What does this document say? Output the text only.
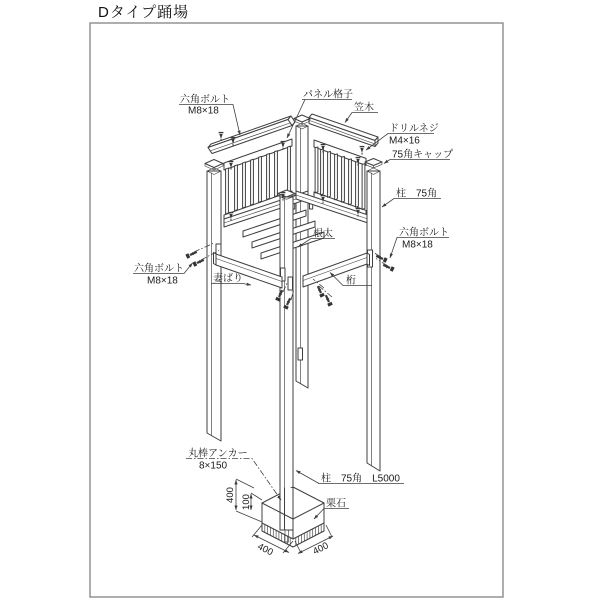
Dタイプ踊場
400 100
400	400
六角ボルト
M8×18
パネル格子
笠木
ドリルネジ
M4×16
75角キャップ
柱　75角
根太	六角ボルト
M8×18
六角ボルト
M8×18	妻ばり	桁
丸棒アンカー
8×150
柱　75角　L5000
栗石
